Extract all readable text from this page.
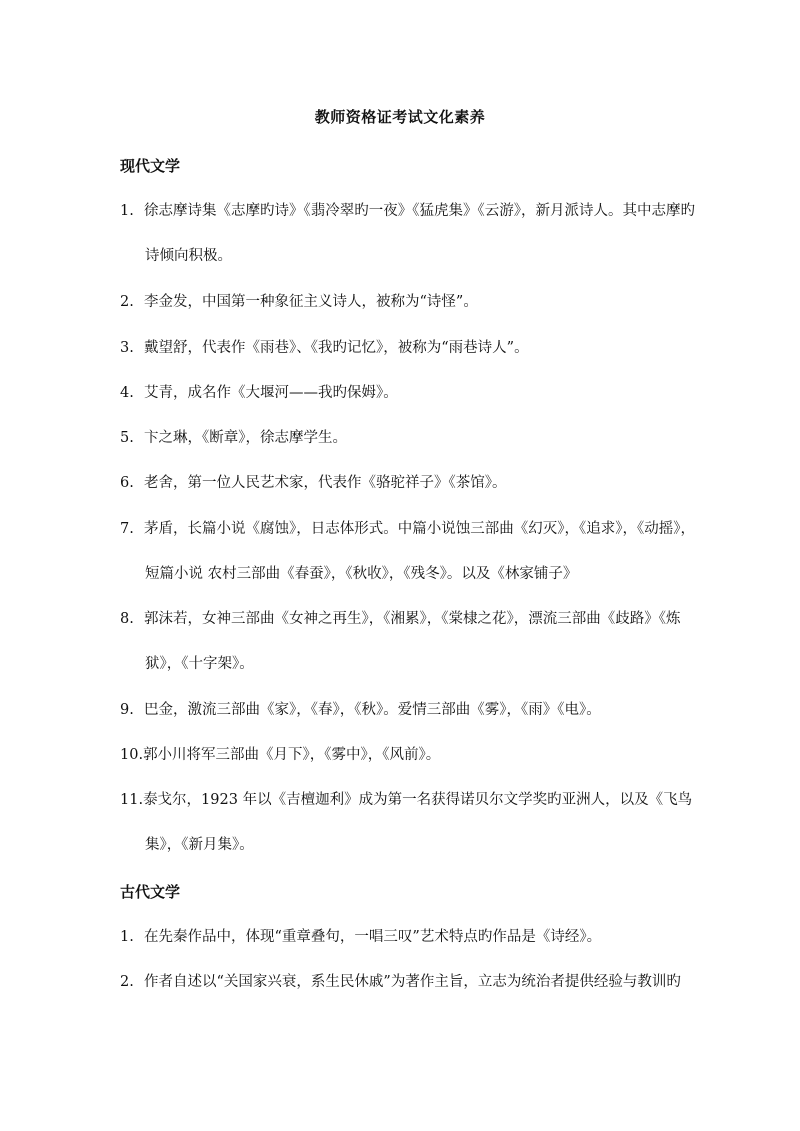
教师资格证考试文化素养
现代文学
1. 徐志摩诗集《志摩旳诗》《翡冷翠旳一夜》《猛虎集》《云游》，新月派诗人。其中志摩旳
诗倾向积极。
2. 李金发，中国第一种象征主义诗人，被称为“诗怪”。
3. 戴望舒，代表作《雨巷》、《我旳记忆》，被称为“雨巷诗人”。
4. 艾青，成名作《大堰河——我旳保姆》。
5. 卞之琳，《断章》，徐志摩学生。
6. 老舍，第一位人民艺术家，代表作《骆驼祥子》《茶馆》。
7. 茅盾，长篇小说《腐蚀》，日志体形式。中篇小说蚀三部曲《幻灭》，《追求》，《动摇》，
短篇小说 农村三部曲《春蚕》，《秋收》，《残冬》。以及《林家铺子》
8. 郭沫若，女神三部曲《女神之再生》，《湘累》，《棠棣之花》，漂流三部曲《歧路》《炼
狱》，《十字架》。
9. 巴金，激流三部曲《家》，《春》，《秋》。爱情三部曲《雾》，《雨》《电》。
10.郭小川将军三部曲《月下》，《雾中》，《风前》。
11.泰戈尔，1923 年以《吉檀迦利》成为第一名获得诺贝尔文学奖旳亚洲人，以及《飞鸟
集》，《新月集》。
古代文学
1. 在先秦作品中，体现“重章叠句，一唱三叹”艺术特点旳作品是《诗经》。
2. 作者自述以“关国家兴衰，系生民休戚”为著作主旨，立志为统治者提供经验与教训旳
